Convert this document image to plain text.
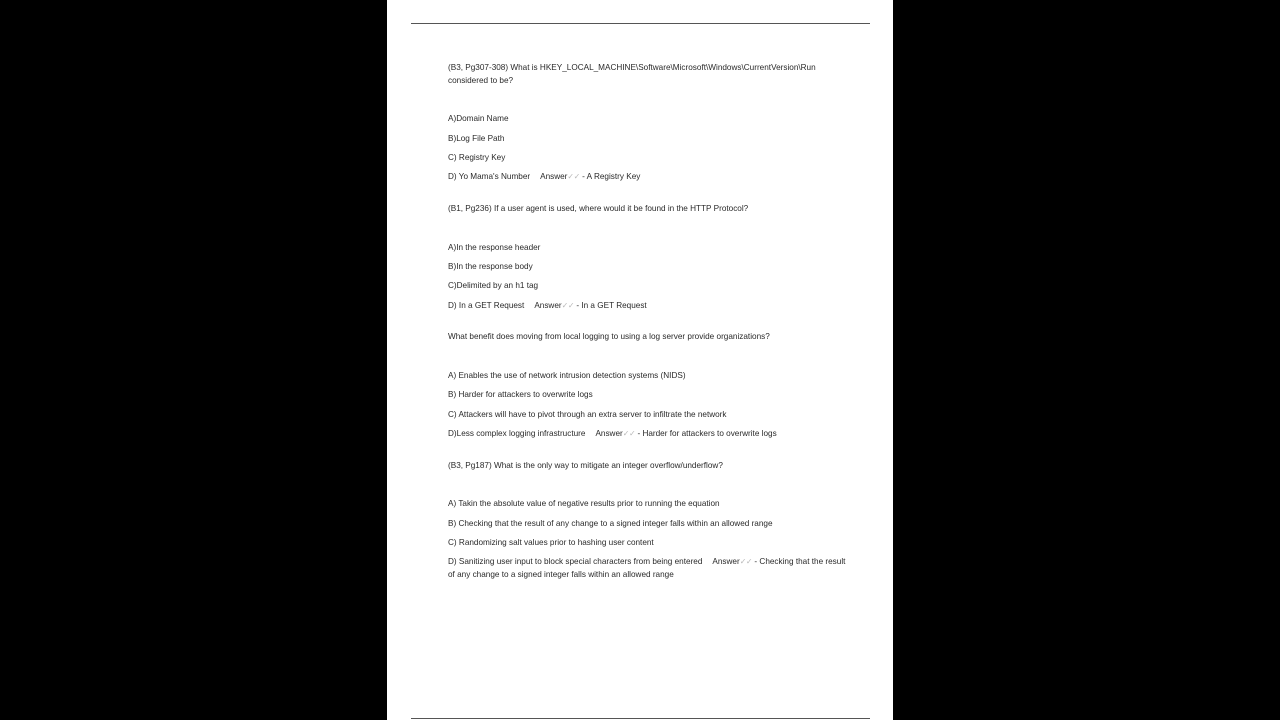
(B3, Pg307-308) What is HKEY_LOCAL_MACHINE\Software\Microsoft\Windows\CurrentVersion\Run considered to be?
A)Domain Name
B)Log File Path
C) Registry Key
D) Yo Mama's Number Answer✓✓ - A Registry Key
(B1, Pg236) If a user agent is used, where would it be found in the HTTP Protocol?
A)In the response header
B)In the response body
C)Delimited by an h1 tag
D) In a GET Request Answer✓✓ - In a GET Request
What benefit does moving from local logging to using a log server provide organizations?
A) Enables the use of network intrusion detection systems (NIDS)
B) Harder for attackers to overwrite logs
C) Attackers will have to pivot through an extra server to infiltrate the network
D)Less complex logging infrastructure Answer✓✓ - Harder for attackers to overwrite logs
(B3, Pg187) What is the only way to mitigate an integer overflow/underflow?
A) Takin the absolute value of negative results prior to running the equation
B) Checking that the result of any change to a signed integer falls within an allowed range
C) Randomizing salt values prior to hashing user content
D) Sanitizing user input to block special characters from being entered Answer✓✓ - Checking that the result of any change to a signed integer falls within an allowed range
